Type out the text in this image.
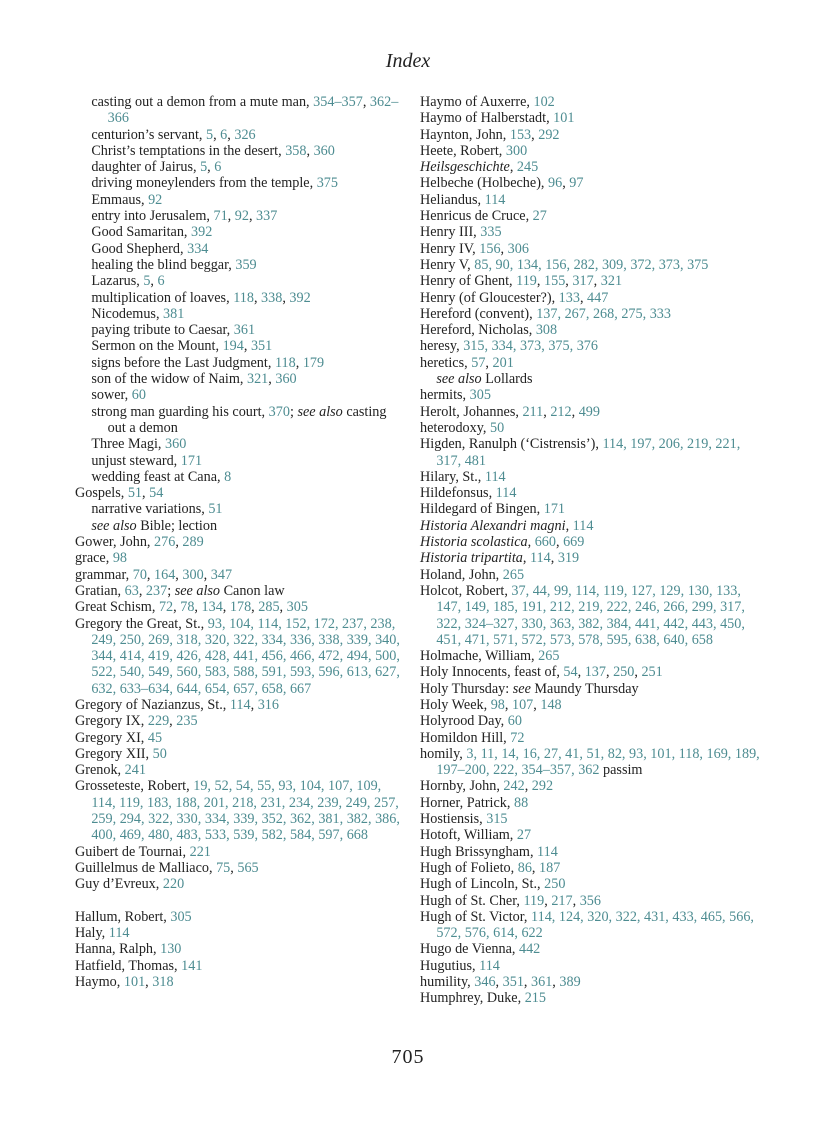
Index
casting out a demon from a mute man, 354–357, 362–366
centurion’s servant, 5, 6, 326
Christ’s temptations in the desert, 358, 360
daughter of Jairus, 5, 6
driving moneylenders from the temple, 375
Emmaus, 92
entry into Jerusalem, 71, 92, 337
Good Samaritan, 392
Good Shepherd, 334
healing the blind beggar, 359
Lazarus, 5, 6
multiplication of loaves, 118, 338, 392
Nicodemus, 381
paying tribute to Caesar, 361
Sermon on the Mount, 194, 351
signs before the Last Judgment, 118, 179
son of the widow of Naim, 321, 360
sower, 60
strong man guarding his court, 370; see also casting out a demon
Three Magi, 360
unjust steward, 171
wedding feast at Cana, 8
Gospels, 51, 54
narrative variations, 51
see also Bible; lection
Gower, John, 276, 289
grace, 98
grammar, 70, 164, 300, 347
Gratian, 63, 237; see also Canon law
Great Schism, 72, 78, 134, 178, 285, 305
Gregory the Great, St., 93, 104, 114, 152, 172, 237, 238, 249, 250, 269, 318, 320, 322, 334, 336, 338, 339, 340, 344, 414, 419, 426, 428, 441, 456, 466, 472, 494, 500, 522, 540, 549, 560, 583, 588, 591, 593, 596, 613, 627, 632, 633–634, 644, 654, 657, 658, 667
Gregory of Nazianzus, St., 114, 316
Gregory IX, 229, 235
Gregory XI, 45
Gregory XII, 50
Grenok, 241
Grosseteste, Robert, 19, 52, 54, 55, 93, 104, 107, 109, 114, 119, 183, 188, 201, 218, 231, 234, 239, 249, 257, 259, 294, 322, 330, 334, 339, 352, 362, 381, 382, 386, 400, 469, 480, 483, 533, 539, 582, 584, 597, 668
Guibert de Tournai, 221
Guillelmus de Malliaco, 75, 565
Guy d’Evreux, 220
Hallum, Robert, 305
Haly, 114
Hanna, Ralph, 130
Hatfield, Thomas, 141
Haymo, 101, 318
Haymo of Auxerre, 102
Haymo of Halberstadt, 101
Haynton, John, 153, 292
Heete, Robert, 300
Heilsgeschichte, 245
Helbeche (Holbeche), 96, 97
Heliandus, 114
Henricus de Cruce, 27
Henry III, 335
Henry IV, 156, 306
Henry V, 85, 90, 134, 156, 282, 309, 372, 373, 375
Henry of Ghent, 119, 155, 317, 321
Henry (of Gloucester?), 133, 447
Hereford (convent), 137, 267, 268, 275, 333
Hereford, Nicholas, 308
heresy, 315, 334, 373, 375, 376
heretics, 57, 201
see also Lollards
hermits, 305
Herolt, Johannes, 211, 212, 499
heterodoxy, 50
Higden, Ranulph (‘Cistrensis’), 114, 197, 206, 219, 221, 317, 481
Hilary, St., 114
Hildefonsus, 114
Hildegard of Bingen, 171
Historia Alexandri magni, 114
Historia scolastica, 660, 669
Historia tripartita, 114, 319
Holand, John, 265
Holcot, Robert, 37, 44, 99, 114, 119, 127, 129, 130, 133, 147, 149, 185, 191, 212, 219, 222, 246, 266, 299, 317, 322, 324–327, 330, 363, 382, 384, 441, 442, 443, 450, 451, 471, 571, 572, 573, 578, 595, 638, 640, 658
Holmache, William, 265
Holy Innocents, feast of, 54, 137, 250, 251
Holy Thursday: see Maundy Thursday
Holy Week, 98, 107, 148
Holyrood Day, 60
Homildon Hill, 72
homily, 3, 11, 14, 16, 27, 41, 51, 82, 93, 101, 118, 169, 189, 197–200, 222, 354–357, 362 passim
Hornby, John, 242, 292
Horner, Patrick, 88
Hostiensis, 315
Hotoft, William, 27
Hugh Brissyngham, 114
Hugh of Folieto, 86, 187
Hugh of Lincoln, St., 250
Hugh of St. Cher, 119, 217, 356
Hugh of St. Victor, 114, 124, 320, 322, 431, 433, 465, 566, 572, 576, 614, 622
Hugo de Vienna, 442
Hugutius, 114
humility, 346, 351, 361, 389
Humphrey, Duke, 215
705
